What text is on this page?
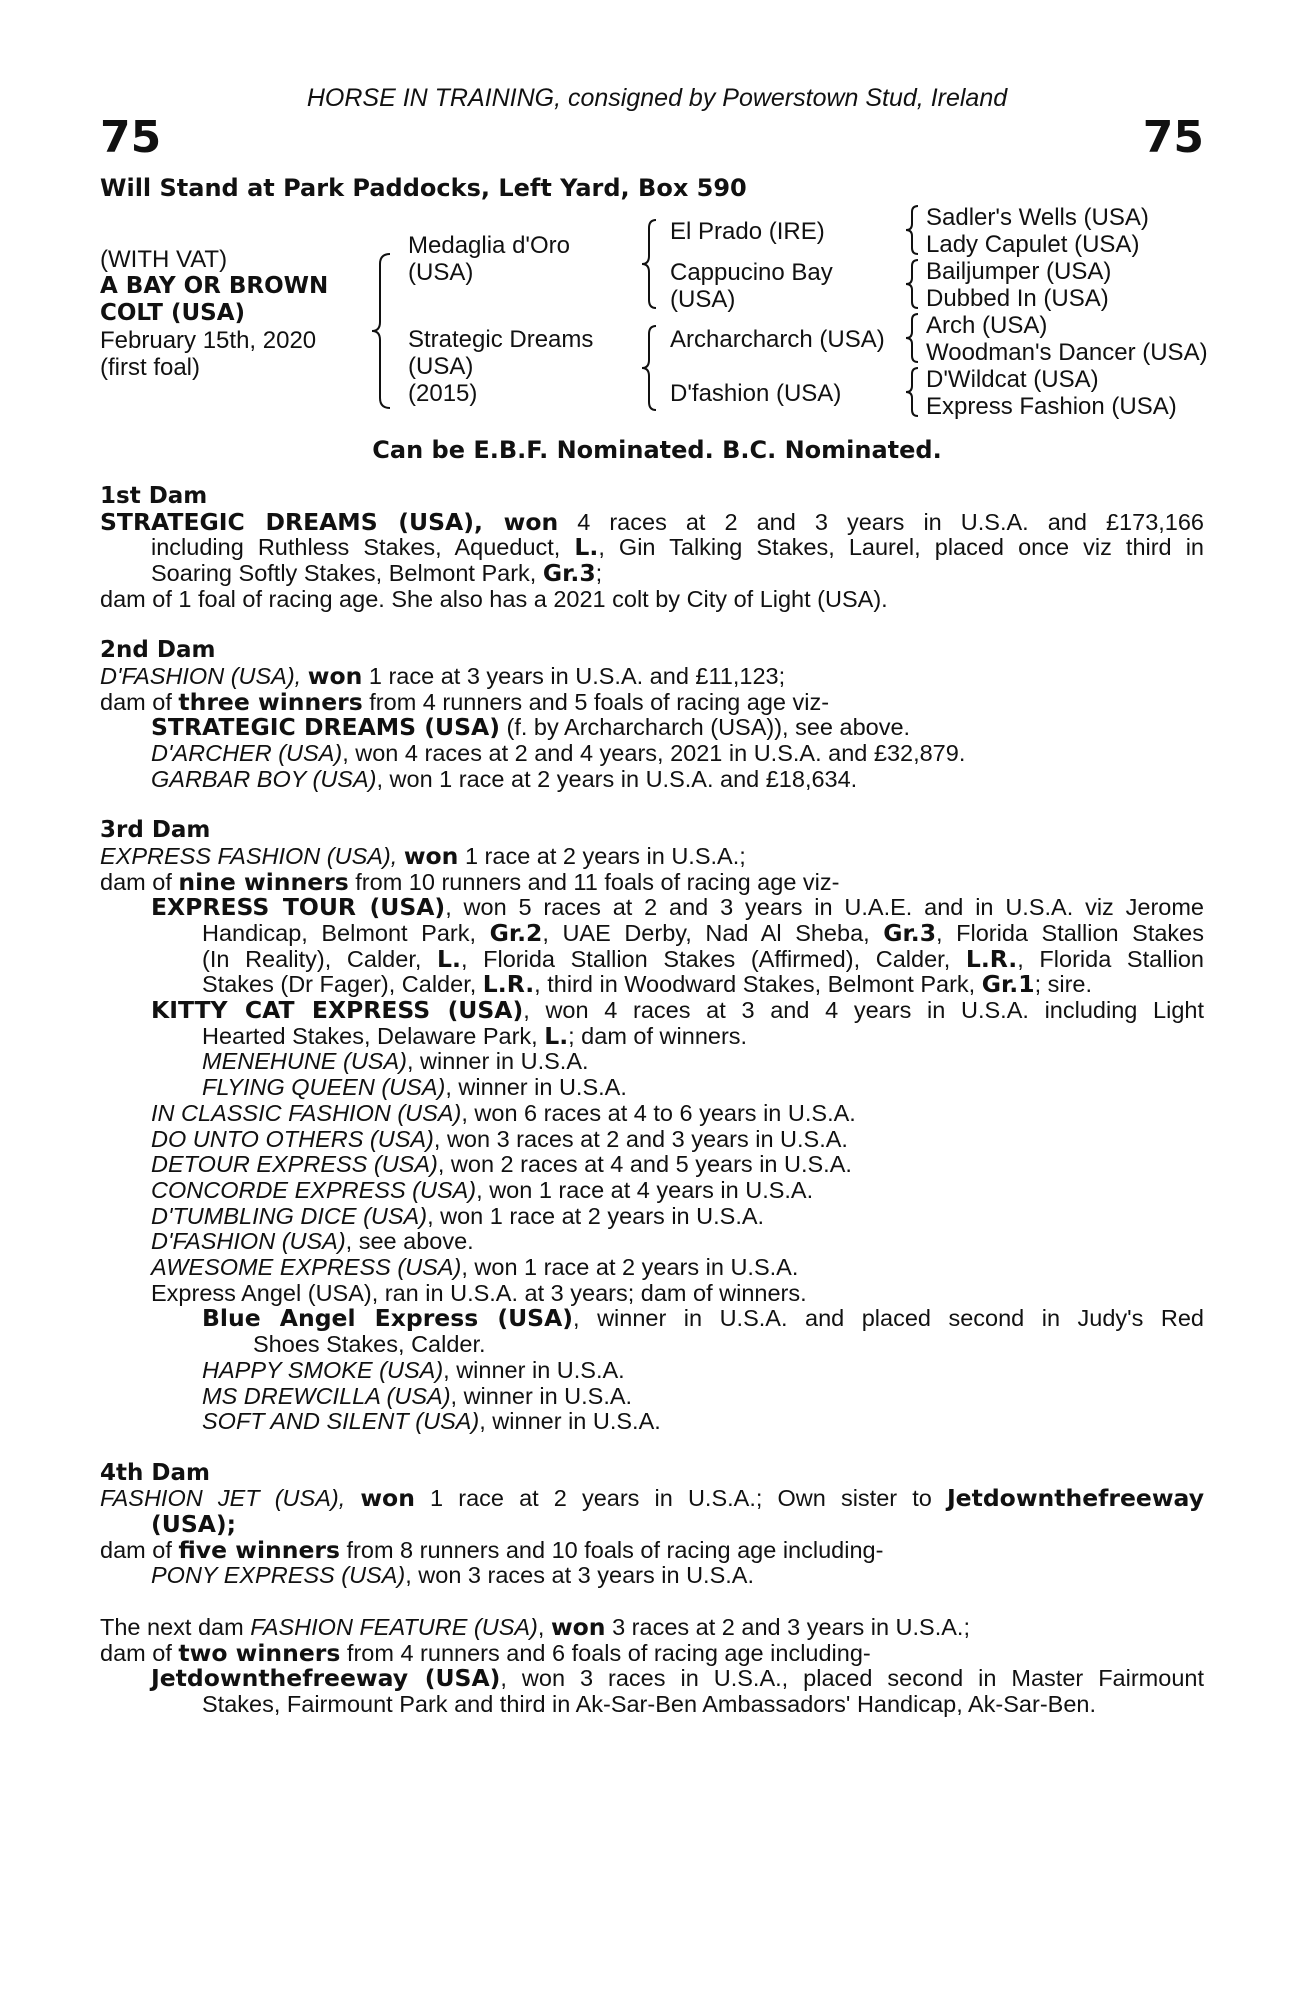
HORSE IN TRAINING, consigned by Powerstown Stud, Ireland
75	75
Will Stand at Park Paddocks, Left Yard, Box 590
(WITH VAT)
A BAY OR BROWN
COLT (USA)
February 15th, 2020
(first foal)
Medaglia d'Oro
(USA)
Strategic Dreams
(USA)
(2015)
El Prado (IRE)
Cappucino Bay
(USA)
Archarcharch (USA)
D'fashion (USA)
Sadler's Wells (USA)
Lady Capulet (USA)
Bailjumper (USA)
Dubbed In (USA)
Arch (USA)
Woodman's Dancer (USA)
D'Wildcat (USA)
Express Fashion (USA)
Can be E.B.F. Nominated. B.C. Nominated.
1st Dam
STRATEGIC DREAMS (USA), won 4 races at 2 and 3 years in U.S.A. and £173,166
including Ruthless Stakes, Aqueduct, L., Gin Talking Stakes, Laurel, placed once viz third in
Soaring Softly Stakes, Belmont Park, Gr.3;
dam of 1 foal of racing age. She also has a 2021 colt by City of Light (USA).
2nd Dam
D'FASHION (USA), won 1 race at 3 years in U.S.A. and £11,123;
dam of three winners from 4 runners and 5 foals of racing age viz-
STRATEGIC DREAMS (USA) (f. by Archarcharch (USA)), see above.
D'ARCHER (USA), won 4 races at 2 and 4 years, 2021 in U.S.A. and £32,879.
GARBAR BOY (USA), won 1 race at 2 years in U.S.A. and £18,634.
3rd Dam
EXPRESS FASHION (USA), won 1 race at 2 years in U.S.A.;
dam of nine winners from 10 runners and 11 foals of racing age viz-
EXPRESS TOUR (USA), won 5 races at 2 and 3 years in U.A.E. and in U.S.A. viz Jerome
Handicap, Belmont Park, Gr.2, UAE Derby, Nad Al Sheba, Gr.3, Florida Stallion Stakes
(In Reality), Calder, L., Florida Stallion Stakes (Affirmed), Calder, L.R., Florida Stallion
Stakes (Dr Fager), Calder, L.R., third in Woodward Stakes, Belmont Park, Gr.1; sire.
KITTY CAT EXPRESS (USA), won 4 races at 3 and 4 years in U.S.A. including Light
Hearted Stakes, Delaware Park, L.; dam of winners.
MENEHUNE (USA), winner in U.S.A.
FLYING QUEEN (USA), winner in U.S.A.
IN CLASSIC FASHION (USA), won 6 races at 4 to 6 years in U.S.A.
DO UNTO OTHERS (USA), won 3 races at 2 and 3 years in U.S.A.
DETOUR EXPRESS (USA), won 2 races at 4 and 5 years in U.S.A.
CONCORDE EXPRESS (USA), won 1 race at 4 years in U.S.A.
D'TUMBLING DICE (USA), won 1 race at 2 years in U.S.A.
D'FASHION (USA), see above.
AWESOME EXPRESS (USA), won 1 race at 2 years in U.S.A.
Express Angel (USA), ran in U.S.A. at 3 years; dam of winners.
Blue Angel Express (USA), winner in U.S.A. and placed second in Judy's Red
Shoes Stakes, Calder.
HAPPY SMOKE (USA), winner in U.S.A.
MS DREWCILLA (USA), winner in U.S.A.
SOFT AND SILENT (USA), winner in U.S.A.
4th Dam
FASHION JET (USA), won 1 race at 2 years in U.S.A.; Own sister to Jetdownthefreeway
(USA);
dam of five winners from 8 runners and 10 foals of racing age including-
PONY EXPRESS (USA), won 3 races at 3 years in U.S.A.
The next dam FASHION FEATURE (USA), won 3 races at 2 and 3 years in U.S.A.;
dam of two winners from 4 runners and 6 foals of racing age including-
Jetdownthefreeway (USA), won 3 races in U.S.A., placed second in Master Fairmount
Stakes, Fairmount Park and third in Ak-Sar-Ben Ambassadors' Handicap, Ak-Sar-Ben.
